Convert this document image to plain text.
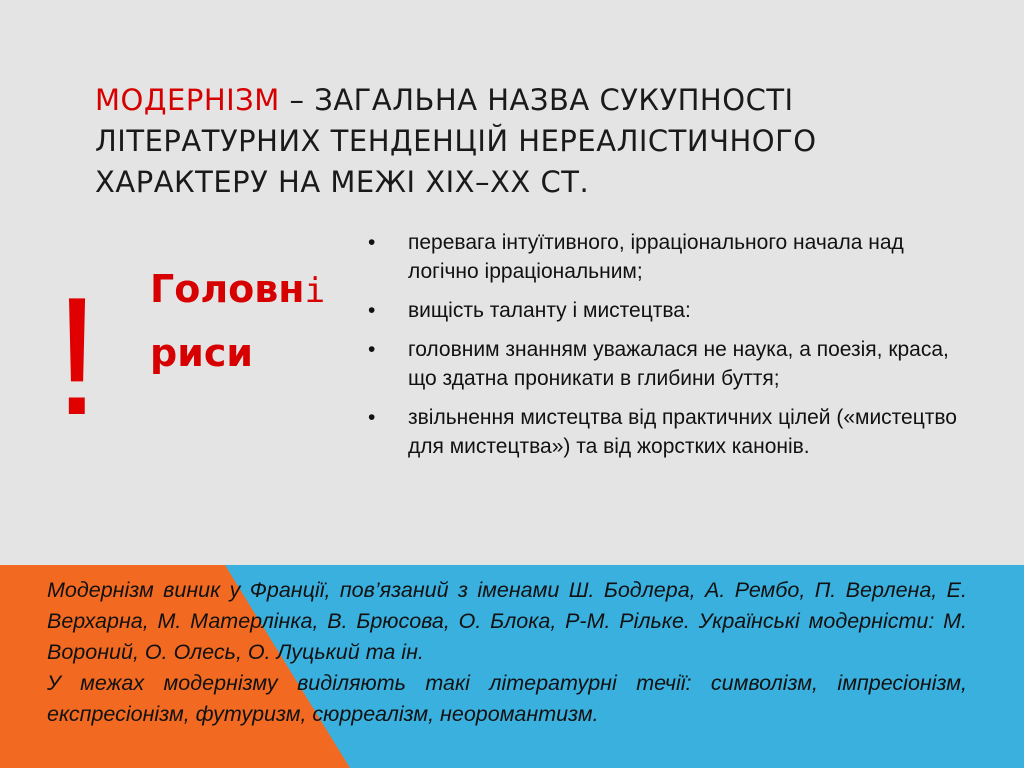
МОДЕРНІЗМ – ЗАГАЛЬНА НАЗВА СУКУПНОСТІ
ЛІТЕРАТУРНИХ ТЕНДЕНЦІЙ НЕРЕАЛІСТИЧНОГО
ХАРАКТЕРУ НА МЕЖІ ХІХ–ХХ СТ.
! Головні
риси
•	перевага інтуїтивного, ірраціонального начала над логічно ірраціональним;
•	вищість таланту і мистецтва:
•	головним знанням уважалася не наука, а поезія, краса, що здатна проникати в глибини буття;
•	звільнення мистецтва від практичних цілей («мистецтво для мистецтва») та від жорстких канонів.

Модернізм виник у Франції, пов’язаний з іменами Ш. Бодлера, А. Рембо, П. Верлена, Е. Верхарна, М. Матерлінка, В. Брюсова, О. Блока, Р-М. Рільке. Українські модерністи: М. Вороний, О. Олесь, О. Луцький та ін.

У межах модернізму виділяють такі літературні течії: символізм, імпресіонізм, експресіонізм, футуризм, сюрреалізм, неоромантизм.
